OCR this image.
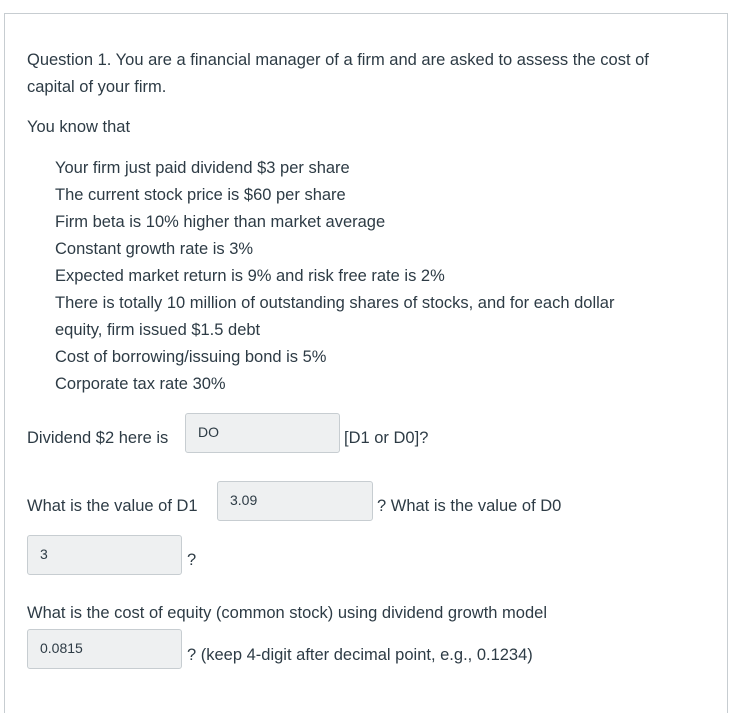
Question 1. You are a financial manager of a firm and are asked to assess the cost of
capital of your firm.
You know that
Your firm just paid dividend $3 per share
The current stock price is $60 per share
Firm beta is 10% higher than market average
Constant growth rate is 3%
Expected market return is 9% and risk free rate is 2%
There is totally 10 million of outstanding shares of stocks, and for each dollar
equity, firm issued $1.5 debt
Cost of borrowing/issuing bond is 5%
Corporate tax rate 30%
Dividend $2 here is	DO	[D1 or D0]?
What is the value of D1	3.09	? What is the value of D0
3	?
What is the cost of equity (common stock) using dividend growth model
0.0815	? (keep 4-digit after decimal point, e.g., 0.1234)
